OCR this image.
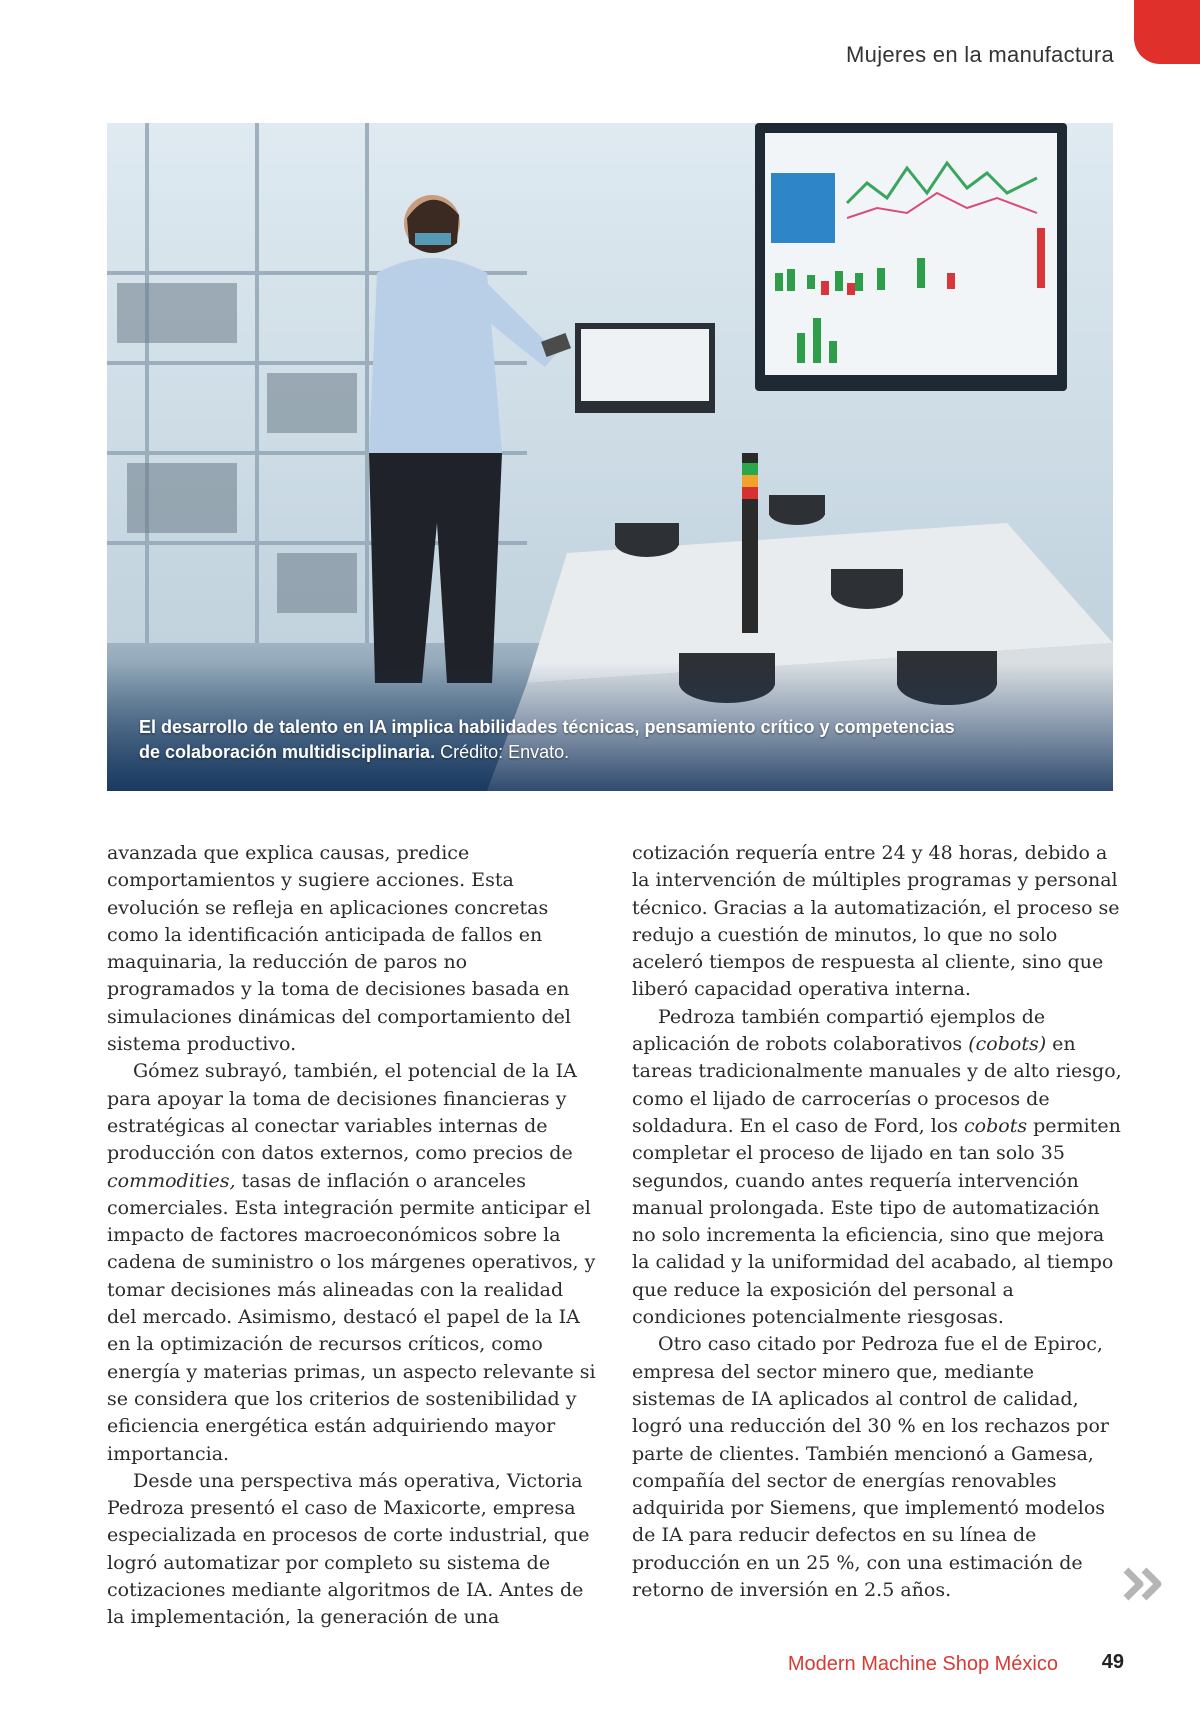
Mujeres en la manufactura
El desarrollo de talento en IA implica habilidades técnicas, pensamiento crítico y competencias de colaboración multidisciplinaria. Crédito: Envato.

avanzada que explica causas, predice comportamientos y sugiere acciones. Esta evolución se refleja en aplicaciones concretas como la identificación anticipada de fallos en maquinaria, la reducción de paros no programados y la toma de decisiones basada en simulaciones dinámicas del comportamiento del sistema productivo.

Gómez subrayó, también, el potencial de la IA para apoyar la toma de decisiones financieras y estratégicas al conectar variables internas de producción con datos externos, como precios de commodities, tasas de inflación o aranceles comerciales. Esta integración permite anticipar el impacto de factores macroeconómicos sobre la cadena de suministro o los márgenes operativos, y tomar decisiones más alineadas con la realidad del mercado. Asimismo, destacó el papel de la IA en la optimización de recursos críticos, como energía y materias primas, un aspecto relevante si se considera que los criterios de sostenibilidad y eficiencia energética están adquiriendo mayor importancia.

Desde una perspectiva más operativa, Victoria Pedroza presentó el caso de Maxicorte, empresa especializada en procesos de corte industrial, que logró automatizar por completo su sistema de cotizaciones mediante algoritmos de IA. Antes de la implementación, la generación de una

cotización requería entre 24 y 48 horas, debido a la intervención de múltiples programas y personal técnico. Gracias a la automatización, el proceso se redujo a cuestión de minutos, lo que no solo aceleró tiempos de respuesta al cliente, sino que liberó capacidad operativa interna.

Pedroza también compartió ejemplos de aplicación de robots colaborativos (cobots) en tareas tradicionalmente manuales y de alto riesgo, como el lijado de carrocerías o procesos de soldadura. En el caso de Ford, los cobots permiten completar el proceso de lijado en tan solo 35 segundos, cuando antes requería intervención manual prolongada. Este tipo de automatización no solo incrementa la eficiencia, sino que mejora la calidad y la uniformidad del acabado, al tiempo que reduce la exposición del personal a condiciones potencialmente riesgosas.

Otro caso citado por Pedroza fue el de Epiroc, empresa del sector minero que, mediante sistemas de IA aplicados al control de calidad, logró una reducción del 30 % en los rechazos por parte de clientes. También mencionó a Gamesa, compañía del sector de energías renovables adquirida por Siemens, que implementó modelos de IA para reducir defectos en su línea de producción en un 25 %, con una estimación de retorno de inversión en 2.5 años.

Modern Machine Shop México 49
